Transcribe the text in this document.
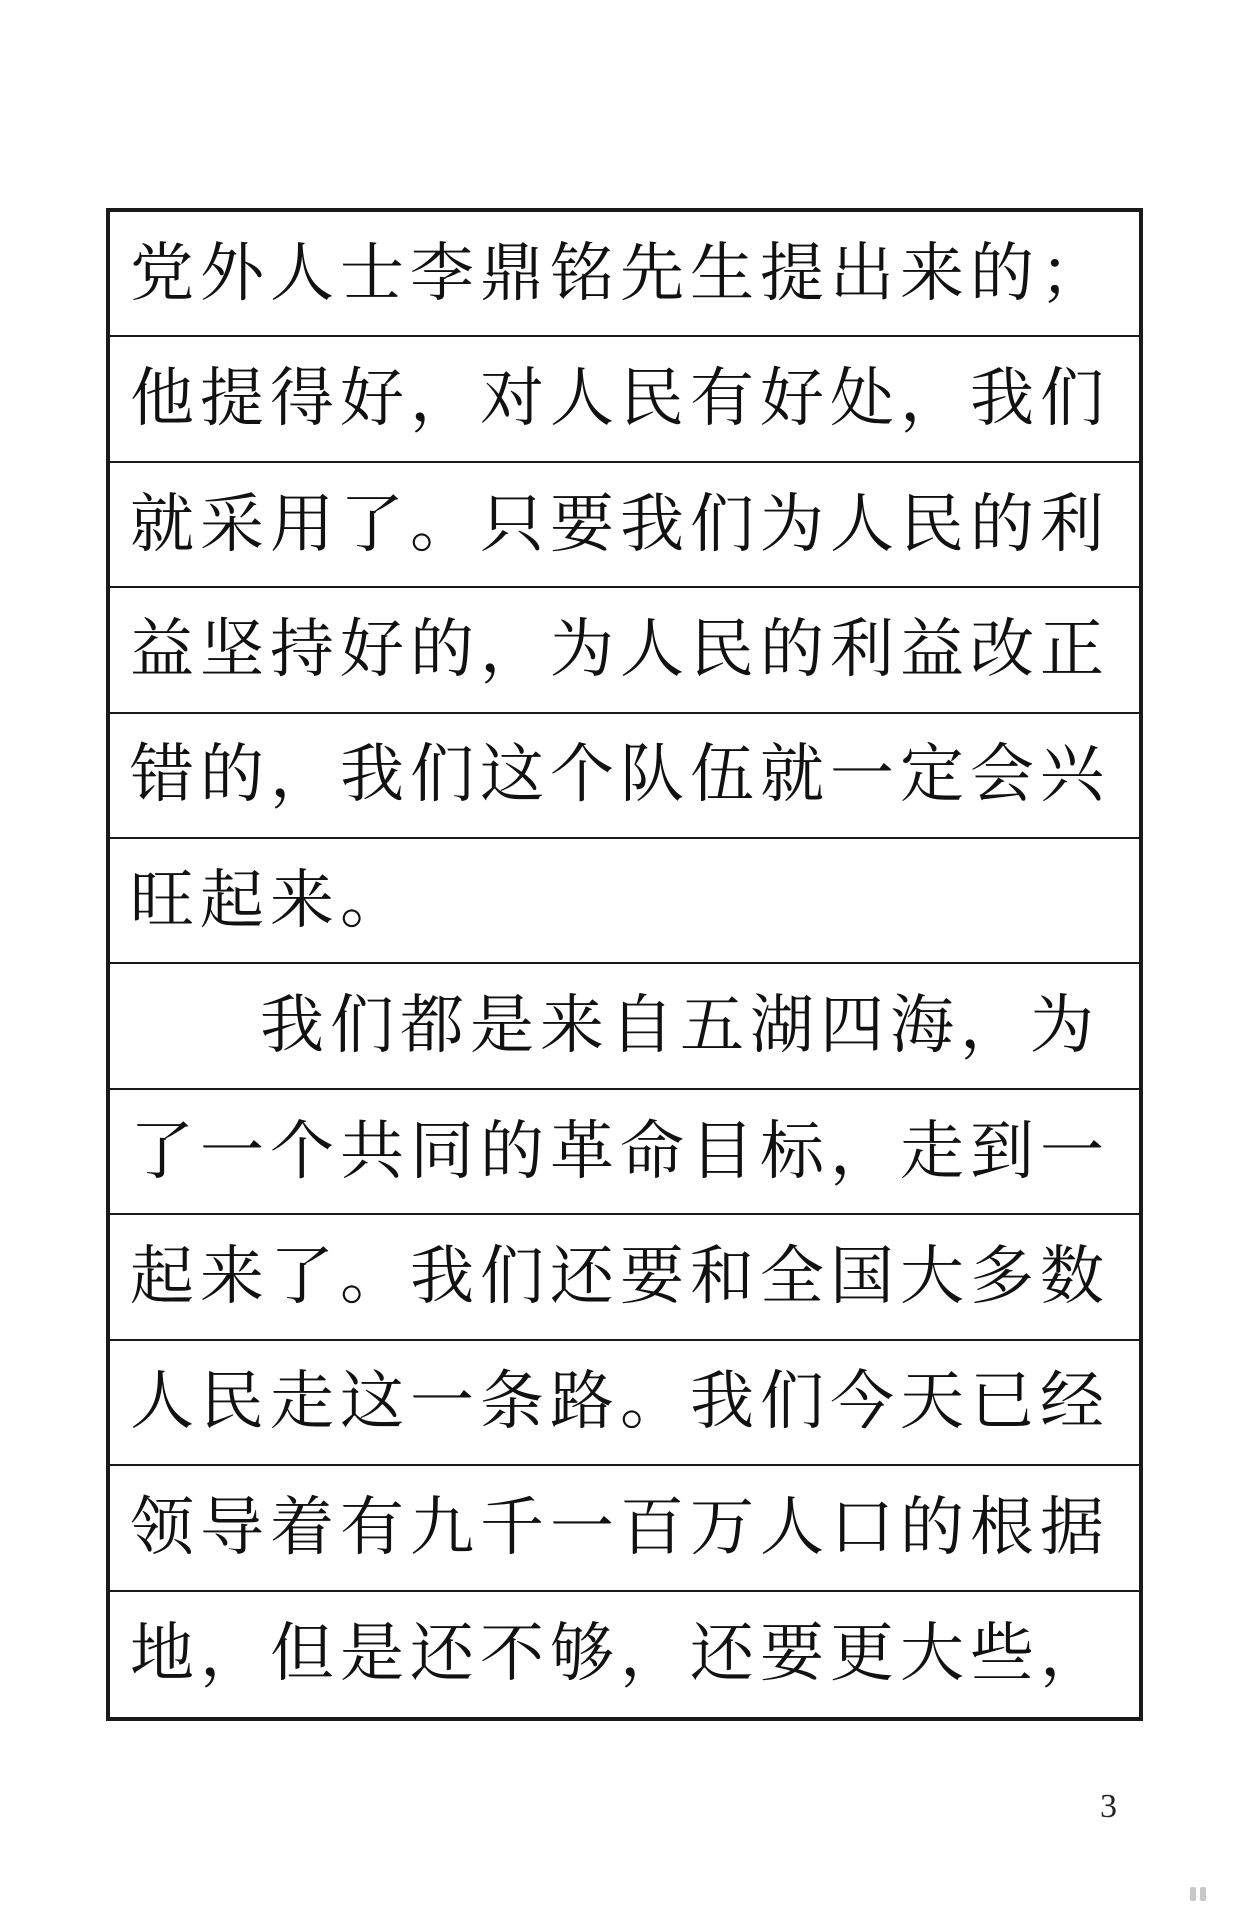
党外人士李鼎铭先生提出来的；
他提得好，对人民有好处，我们
就采用了。只要我们为人民的利
益坚持好的，为人民的利益改正
错的，我们这个队伍就一定会兴
旺起来。
我们都是来自五湖四海，为
了一个共同的革命目标，走到一
起来了。我们还要和全国大多数
人民走这一条路。我们今天已经
领导着有九千一百万人口的根据
地，但是还不够，还要更大些，
3
